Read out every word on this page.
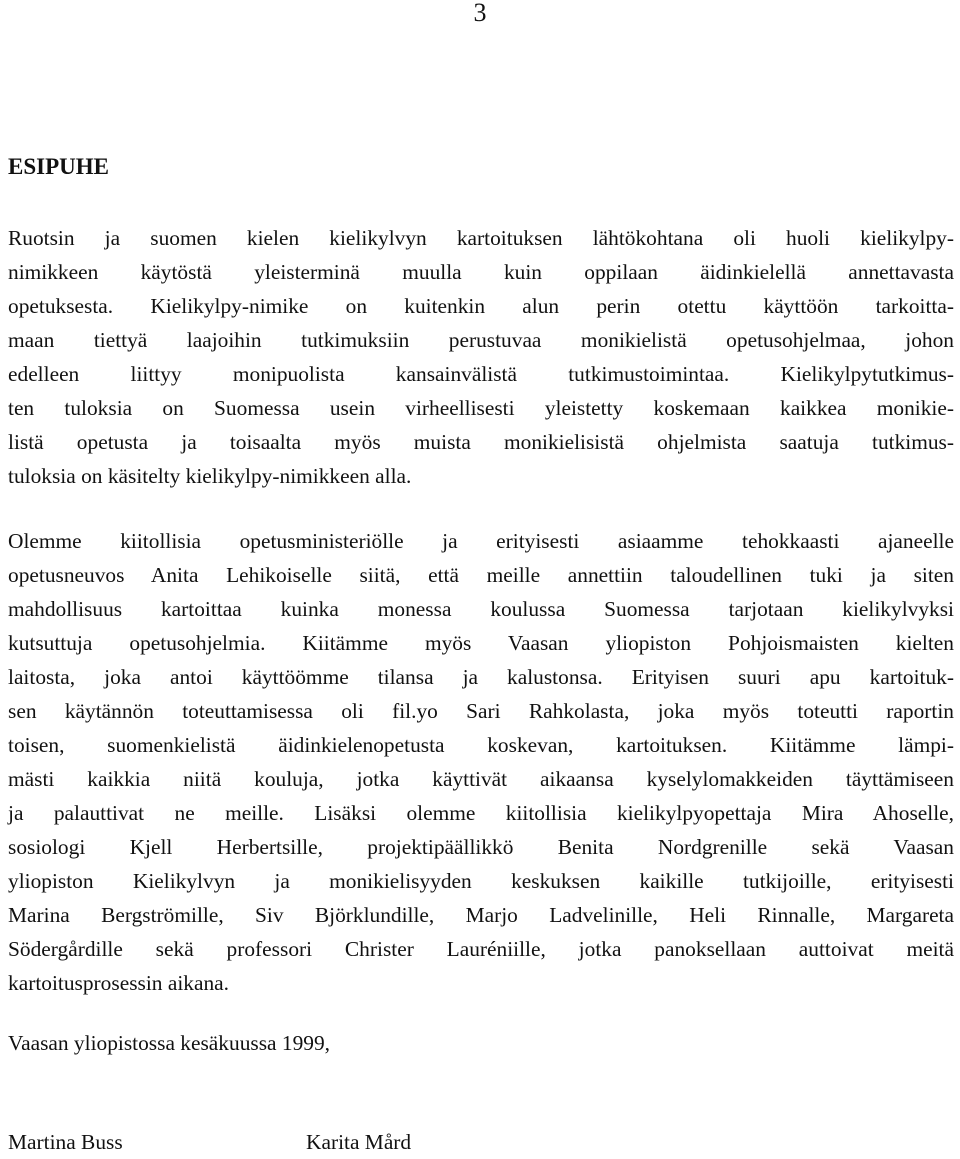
3
ESIPUHE
Ruotsin ja suomen kielen kielikylvyn kartoituksen lähtökohtana oli huoli kielikylpy-
nimikkeen käytöstä yleisterminä muulla kuin oppilaan äidinkielellä annettavasta
opetuksesta. Kielikylpy-nimike on kuitenkin alun perin otettu käyttöön tarkoitta-
maan tiettyä laajoihin tutkimuksiin perustuvaa monikielistä opetusohjelmaa, johon
edelleen liittyy monipuolista kansainvälistä tutkimustoimintaa. Kielikylpytutkimus-
ten tuloksia on Suomessa usein virheellisesti yleistetty koskemaan kaikkea monikie-
listä opetusta ja toisaalta myös muista monikielisistä ohjelmista saatuja tutkimus-
tuloksia on käsitelty kielikylpy-nimikkeen alla.
Olemme kiitollisia opetusministeriölle ja erityisesti asiaamme tehokkaasti ajaneelle
opetusneuvos Anita Lehikoiselle siitä, että meille annettiin taloudellinen tuki ja siten
mahdollisuus kartoittaa kuinka monessa koulussa Suomessa tarjotaan kielikylvyksi
kutsuttuja opetusohjelmia. Kiitämme myös Vaasan yliopiston Pohjoismaisten kielten
laitosta, joka antoi käyttöömme tilansa ja kalustonsa. Erityisen suuri apu kartoituk-
sen käytännön toteuttamisessa oli fil.yo Sari Rahkolasta, joka myös toteutti raportin
toisen, suomenkielistä äidinkielenopetusta koskevan, kartoituksen. Kiitämme lämpi-
mästi kaikkia niitä kouluja, jotka käyttivät aikaansa kyselylomakkeiden täyttämiseen
ja palauttivat ne meille. Lisäksi olemme kiitollisia kielikylpyopettaja Mira Ahoselle,
sosiologi Kjell Herbertsille, projektipäällikkö Benita Nordgrenille sekä Vaasan
yliopiston Kielikylvyn ja monikielisyyden keskuksen kaikille tutkijoille, erityisesti
Marina Bergströmille, Siv Björklundille, Marjo Ladvelinille, Heli Rinnalle, Margareta
Södergårdille sekä professori Christer Lauréniille, jotka panoksellaan auttoivat meitä
kartoitusprosessin aikana.

Vaasan yliopistossa kesäkuussa 1999,

Martina Buss	Karita Mård
